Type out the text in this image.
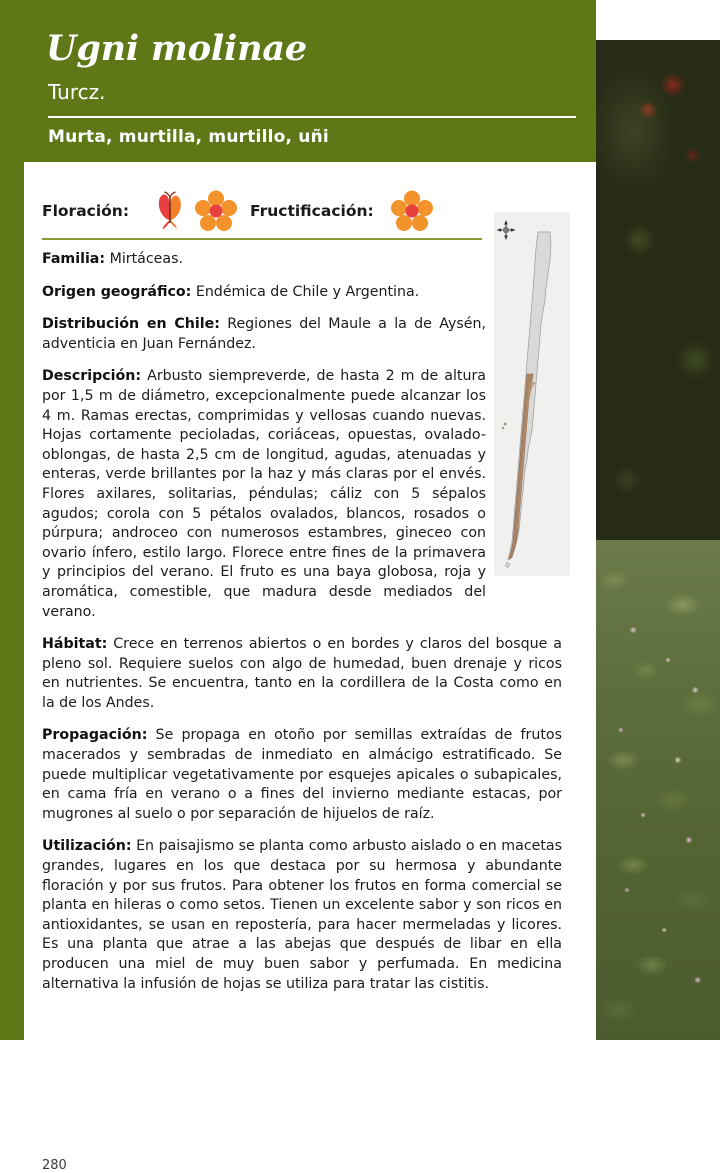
Ugni molinae
Turcz.
Murta, murtilla, murtillo, uñi
Floración:	Fructificación:

Familia: Mirtáceas.

Origen geográfico: Endémica de Chile y Argentina.

Distribución en Chile: Regiones del Maule a la de Aysén, adventicia en Juan Fernández.

Descripción: Arbusto siempreverde, de hasta 2 m de altura por 1,5 m de diámetro, excepcionalmente puede alcanzar los 4 m. Ramas erectas, comprimidas y vellosas cuando nuevas. Hojas cortamente pecioladas, coriáceas, opuestas, ovalado-oblongas, de hasta 2,5 cm de longitud, agudas, atenuadas y enteras, verde brillantes por la haz y más claras por el envés. Flores axilares, solitarias, péndulas; cáliz con 5 sépalos agudos; corola con 5 pétalos ovalados, blancos, rosados o púrpura; androceo con numerosos estambres, gineceo con ovario ínfero, estilo largo. Florece entre fines de la primavera y principios del verano. El fruto es una baya globosa, roja y aromática, comestible, que madura desde mediados del verano.

Hábitat: Crece en terrenos abiertos o en bordes y claros del bosque a pleno sol. Requiere suelos con algo de humedad, buen drenaje y ricos en nutrientes. Se encuentra, tanto en la cordillera de la Costa como en la de los Andes.

Propagación: Se propaga en otoño por semillas extraídas de frutos macerados y sembradas de inmediato en almácigo estratificado. Se puede multiplicar vegetativamente por esquejes apicales o subapicales, en cama fría en verano o a fines del invierno mediante estacas, por mugrones al suelo o por separación de hijuelos de raíz.

Utilización: En paisajismo se planta como arbusto aislado o en macetas grandes, lugares en los que destaca por su hermosa y abundante floración y por sus frutos. Para obtener los frutos en forma comercial se planta en hileras o como setos. Tienen un excelente sabor y son ricos en antioxidantes, se usan en repostería, para hacer mermeladas y licores. Es una planta que atrae a las abejas que después de libar en ella producen una miel de muy buen sabor y perfumada. En medicina alternativa la infusión de hojas se utiliza para tratar las cistitis.

280
